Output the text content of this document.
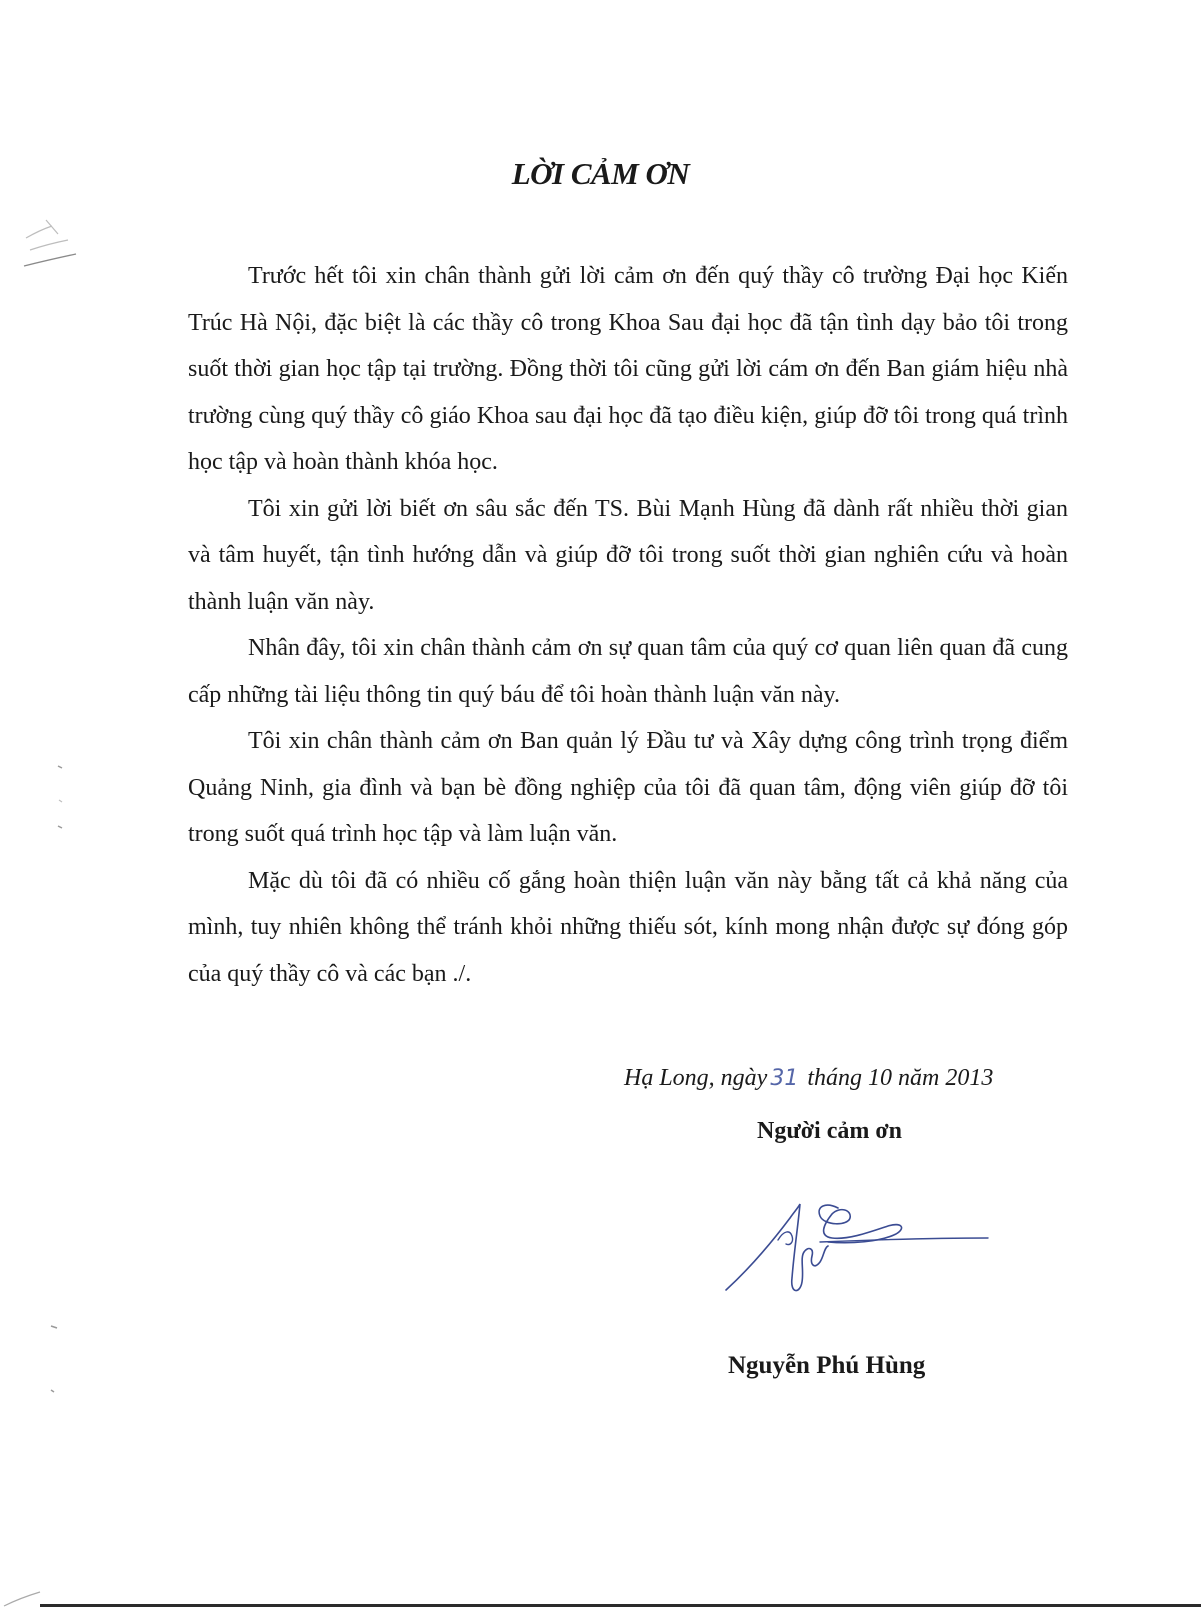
LỜI CẢM ƠN

Trước hết tôi xin chân thành gửi lời cảm ơn đến quý thầy cô trường Đại học Kiến Trúc Hà Nội, đặc biệt là các thầy cô trong Khoa Sau đại học đã tận tình dạy bảo tôi trong suốt thời gian học tập tại trường. Đồng thời tôi cũng gửi lời cám ơn đến Ban giám hiệu nhà trường cùng quý thầy cô giáo Khoa sau đại học đã tạo điều kiện, giúp đỡ tôi trong quá trình học tập và hoàn thành khóa học.

Tôi xin gửi lời biết ơn sâu sắc đến TS. Bùi Mạnh Hùng đã dành rất nhiều thời gian và tâm huyết, tận tình hướng dẫn và giúp đỡ tôi trong suốt thời gian nghiên cứu và hoàn thành luận văn này.

Nhân đây, tôi xin chân thành cảm ơn sự quan tâm của quý cơ quan liên quan đã cung cấp những tài liệu thông tin quý báu để tôi hoàn thành luận văn này.

Tôi xin chân thành cảm ơn Ban quản lý Đầu tư và Xây dựng công trình trọng điểm Quảng Ninh, gia đình và bạn bè đồng nghiệp của tôi đã quan tâm, động viên giúp đỡ tôi trong suốt quá trình học tập và làm luận văn.

Mặc dù tôi đã có nhiều cố gắng hoàn thiện luận văn này bằng tất cả khả năng của mình, tuy nhiên không thể tránh khỏi những thiếu sót, kính mong nhận được sự đóng góp của quý thầy cô và các bạn ./.

Hạ Long, ngày 31 tháng 10 năm 2013
Người cảm ơn
Nguyễn Phú Hùng
